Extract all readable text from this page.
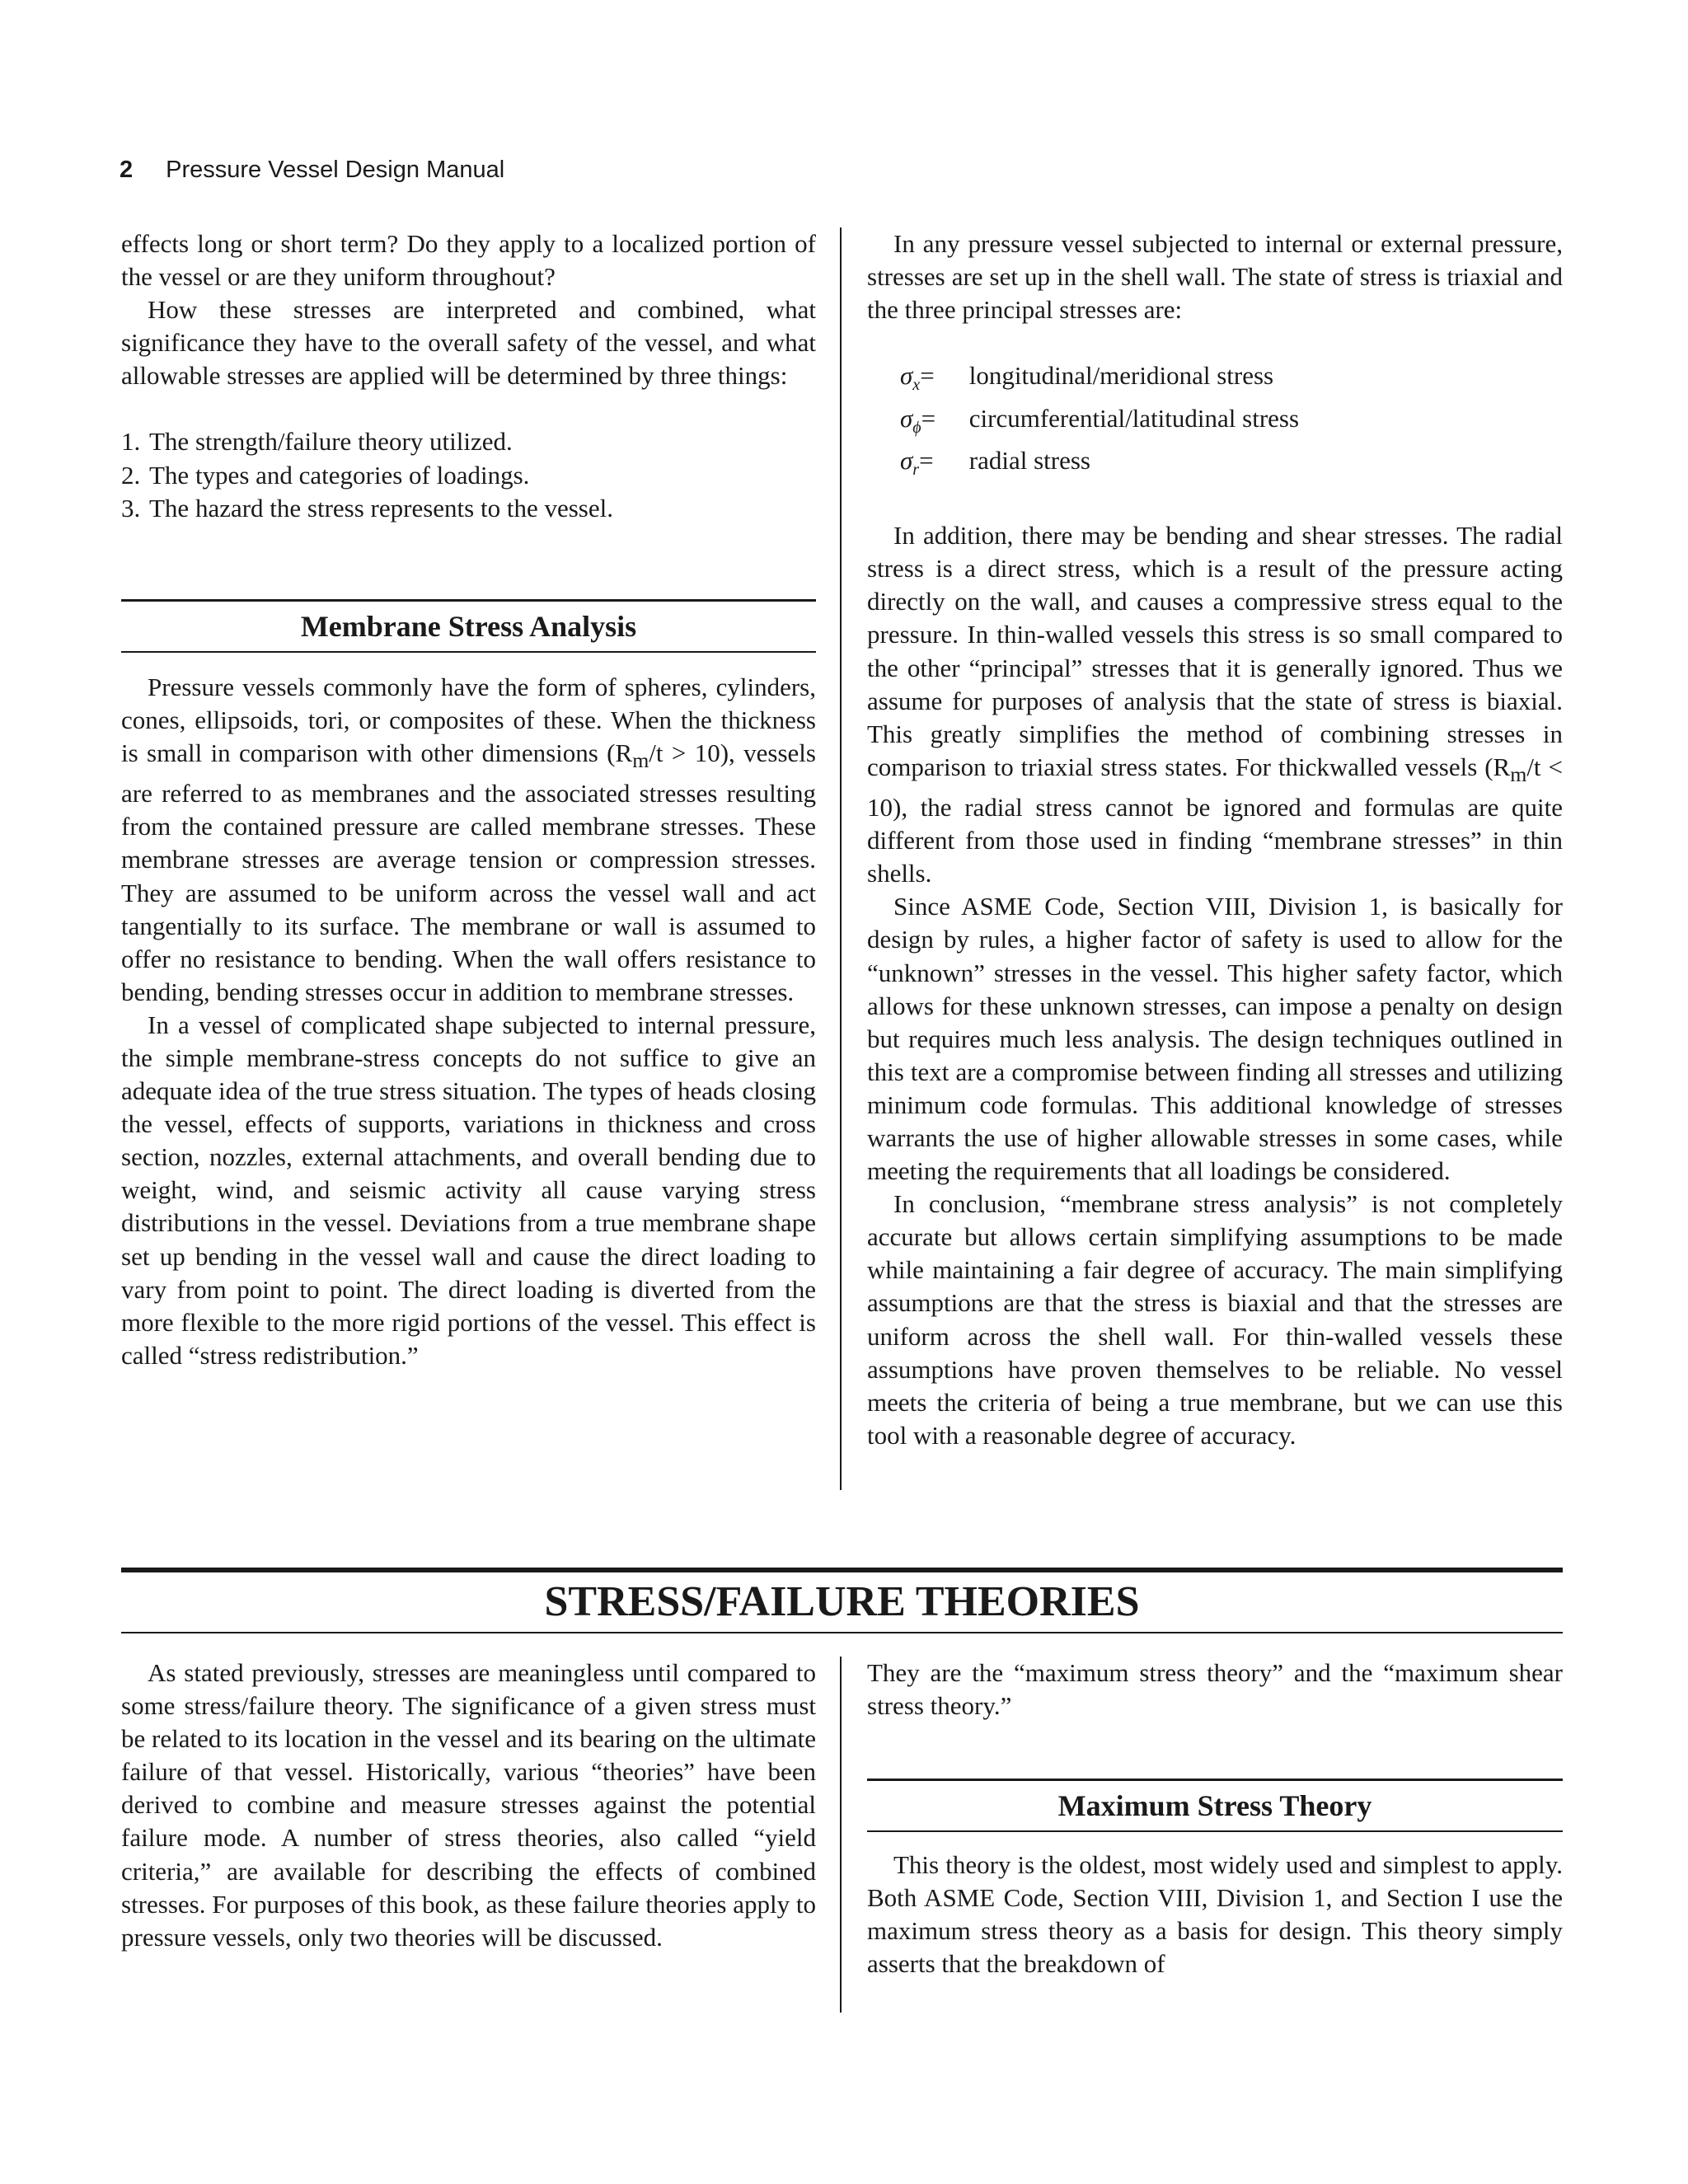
2 Pressure Vessel Design Manual

effects long or short term? Do they apply to a localized portion of the vessel or are they uniform throughout?

How these stresses are interpreted and combined, what significance they have to the overall safety of the vessel, and what allowable stresses are applied will be determined by three things:

1. The strength/failure theory utilized.
2. The types and categories of loadings.
3. The hazard the stress represents to the vessel.
Membrane Stress Analysis

Pressure vessels commonly have the form of spheres, cylinders, cones, ellipsoids, tori, or composites of these. When the thickness is small in comparison with other dimensions $(R_m/t > 10)$, vessels are referred to as membranes and the associated stresses resulting from the contained pressure are called membrane stresses. These membrane stresses are average tension or compression stresses. They are assumed to be uniform across the vessel wall and act tangentially to its surface. The membrane or wall is assumed to offer no resistance to bending. When the wall offers resistance to bending, bending stresses occur in addition to membrane stresses.

In a vessel of complicated shape subjected to internal pressure, the simple membrane-stress concepts do not suffice to give an adequate idea of the true stress situation. The types of heads closing the vessel, effects of supports, variations in thickness and cross section, nozzles, external attachments, and overall bending due to weight, wind, and seismic activity all cause varying stress distributions in the vessel. Deviations from a true membrane shape set up bending in the vessel wall and cause the direct loading to vary from point to point. The direct loading is diverted from the more flexible to the more rigid portions of the vessel. This effect is called “stress redistribution.”

In any pressure vessel subjected to internal or external pressure, stresses are set up in the shell wall. The state of stress is triaxial and the three principal stresses are:

$\sigma_x=$ longitudinal/meridional stress
$\sigma_\phi=$ circumferential/latitudinal stress
$\sigma_r=$ radial stress

In addition, there may be bending and shear stresses. The radial stress is a direct stress, which is a result of the pressure acting directly on the wall, and causes a compressive stress equal to the pressure. In thin-walled vessels this stress is so small compared to the other “principal” stresses that it is generally ignored. Thus we assume for purposes of analysis that the state of stress is biaxial. This greatly simplifies the method of combining stresses in comparison to triaxial stress states. For thickwalled vessels $(R_m/t < 10)$, the radial stress cannot be ignored and formulas are quite different from those used in finding “membrane stresses” in thin shells.

Since ASME Code, Section VIII, Division 1, is basically for design by rules, a higher factor of safety is used to allow for the “unknown” stresses in the vessel. This higher safety factor, which allows for these unknown stresses, can impose a penalty on design but requires much less analysis. The design techniques outlined in this text are a compromise between finding all stresses and utilizing minimum code formulas. This additional knowledge of stresses warrants the use of higher allowable stresses in some cases, while meeting the requirements that all loadings be considered.

In conclusion, “membrane stress analysis” is not completely accurate but allows certain simplifying assumptions to be made while maintaining a fair degree of accuracy. The main simplifying assumptions are that the stress is biaxial and that the stresses are uniform across the shell wall. For thin-walled vessels these assumptions have proven themselves to be reliable. No vessel meets the criteria of being a true membrane, but we can use this tool with a reasonable degree of accuracy.

STRESS/FAILURE THEORIES

As stated previously, stresses are meaningless until compared to some stress/failure theory. The significance of a given stress must be related to its location in the vessel and its bearing on the ultimate failure of that vessel. Historically, various “theories” have been derived to combine and measure stresses against the potential failure mode. A number of stress theories, also called “yield criteria,” are available for describing the effects of combined stresses. For purposes of this book, as these failure theories apply to pressure vessels, only two theories will be discussed.

They are the “maximum stress theory” and the “maximum shear stress theory.”

Maximum Stress Theory

This theory is the oldest, most widely used and simplest to apply. Both ASME Code, Section VIII, Division 1, and Section I use the maximum stress theory as a basis for design. This theory simply asserts that the breakdown of
